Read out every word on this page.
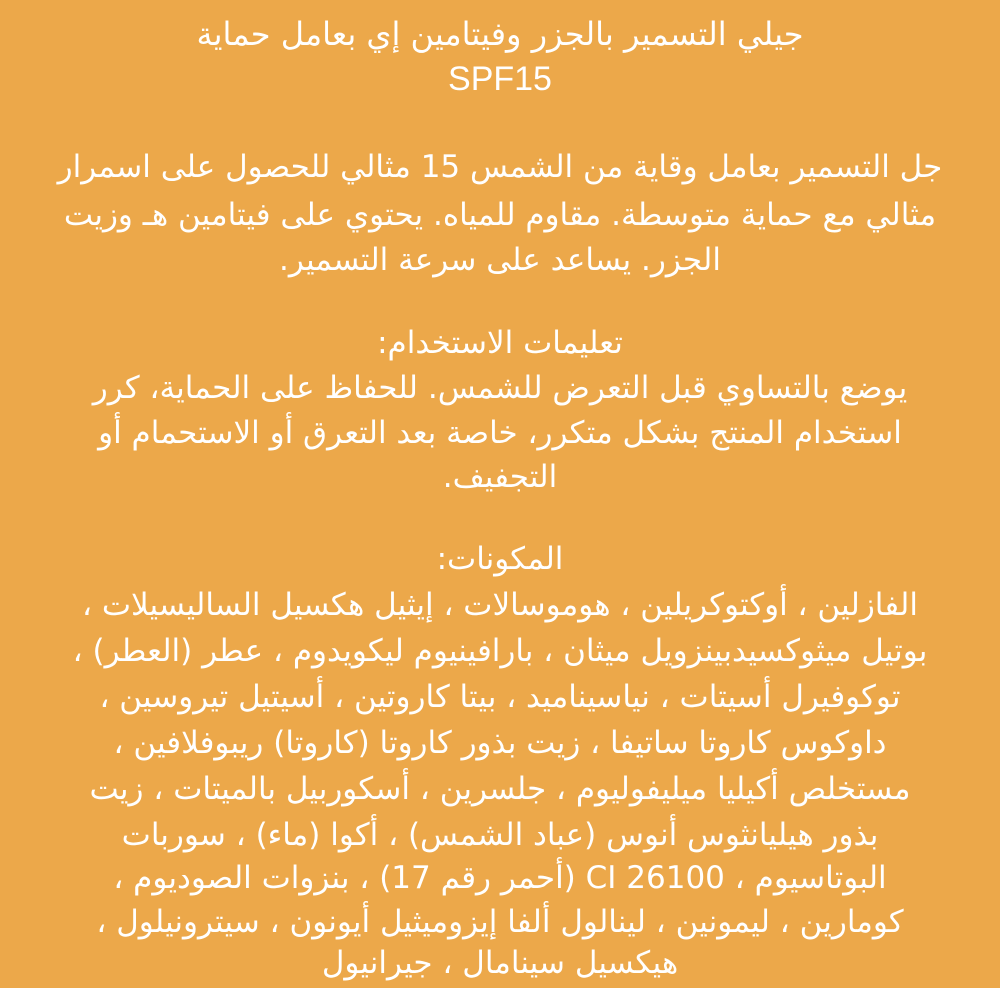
جيلي التسمير بالجزر وفيتامين إي بعامل حماية
SPF15
جل التسمير بعامل وقاية من الشمس 15 مثالي للحصول على اسمرار
مثالي مع حماية متوسطة. مقاوم للمياه. يحتوي على فيتامين هـ وزيت
الجزر. يساعد على سرعة التسمير.
تعليمات الاستخدام:
يوضع بالتساوي قبل التعرض للشمس. للحفاظ على الحماية، كرر
استخدام المنتج بشكل متكرر، خاصة بعد التعرق أو الاستحمام أو
التجفيف.
المكونات:
الفازلين ، أوكتوكريلين ، هوموسالات ، إيثيل هكسيل الساليسيلات ،
بوتيل ميثوكسيدبينزويل ميثان ، بارافينيوم ليكويدوم ، عطر (العطر) ،
توكوفيرل أسيتات ، نياسيناميد ، بيتا كاروتين ، أسيتيل تيروسين ،
داوكوس كاروتا ساتيفا ، زيت بذور كاروتا (كاروتا) ريبوفلافين ،
مستخلص أكيليا ميليفوليوم ، جلسرين ، أسكوربيل بالميتات ، زيت
بذور هيليانثوس أنوس (عباد الشمس) ، أكوا (ماء) ، سوربات
البوتاسيوم ، CI 26100 (أحمر رقم 17) ، بنزوات الصوديوم ،
كومارين ، ليمونين ، لينالول ألفا إيزوميثيل أيونون ، سيترونيلول ،
هيكسيل سينامال ، جيرانيول
